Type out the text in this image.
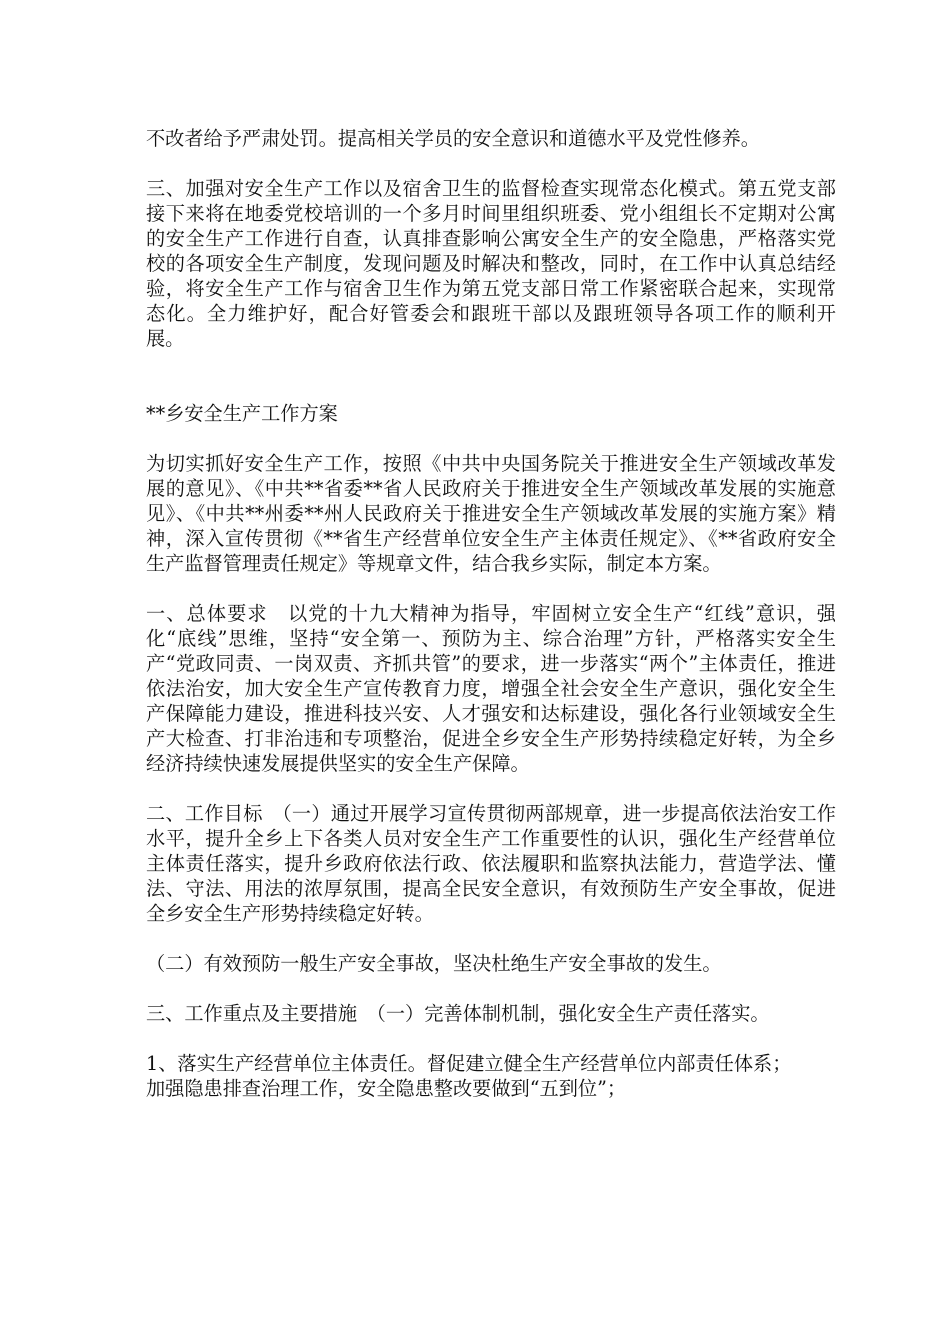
不改者给予严肃处罚。提高相关学员的安全意识和道德水平及党性修养。

三、加强对安全生产工作以及宿舍卫生的监督检查实现常态化模式。第五党支部接下来将在地委党校培训的一个多月时间里组织班委、党小组组长不定期对公寓的安全生产工作进行自查，认真排查影响公寓安全生产的安全隐患，严格落实党校的各项安全生产制度，发现问题及时解决和整改，同时，在工作中认真总结经验，将安全生产工作与宿舍卫生作为第五党支部日常工作紧密联合起来，实现常态化。全力维护好，配合好管委会和跟班干部以及跟班领导各项工作的顺利开展。

**乡安全生产工作方案

为切实抓好安全生产工作，按照《中共中央国务院关于推进安全生产领域改革发展的意见》、《中共**省委**省人民政府关于推进安全生产领域改革发展的实施意见》、《中共**州委**州人民政府关于推进安全生产领域改革发展的实施方案》精神，深入宣传贯彻《**省生产经营单位安全生产主体责任规定》、《**省政府安全生产监督管理责任规定》等规章文件，结合我乡实际，制定本方案。

一、总体要求　以党的十九大精神为指导，牢固树立安全生产“红线”意识，强化“底线”思维，坚持“安全第一、预防为主、综合治理”方针，严格落实安全生产“党政同责、一岗双责、齐抓共管”的要求，进一步落实“两个”主体责任，推进依法治安，加大安全生产宣传教育力度，增强全社会安全生产意识，强化安全生产保障能力建设，推进科技兴安、人才强安和达标建设，强化各行业领域安全生产大检查、打非治违和专项整治，促进全乡安全生产形势持续稳定好转，为全乡经济持续快速发展提供坚实的安全生产保障。

二、工作目标　（一）通过开展学习宣传贯彻两部规章，进一步提高依法治安工作水平，提升全乡上下各类人员对安全生产工作重要性的认识，强化生产经营单位主体责任落实，提升乡政府依法行政、依法履职和监察执法能力，营造学法、懂法、守法、用法的浓厚氛围，提高全民安全意识，有效预防生产安全事故，促进全乡安全生产形势持续稳定好转。

（二）有效预防一般生产安全事故，坚决杜绝生产安全事故的发生。

三、工作重点及主要措施　（一）完善体制机制，强化安全生产责任落实。

1、落实生产经营单位主体责任。督促建立健全生产经营单位内部责任体系；

加强隐患排查治理工作，安全隐患整改要做到“五到位”；
